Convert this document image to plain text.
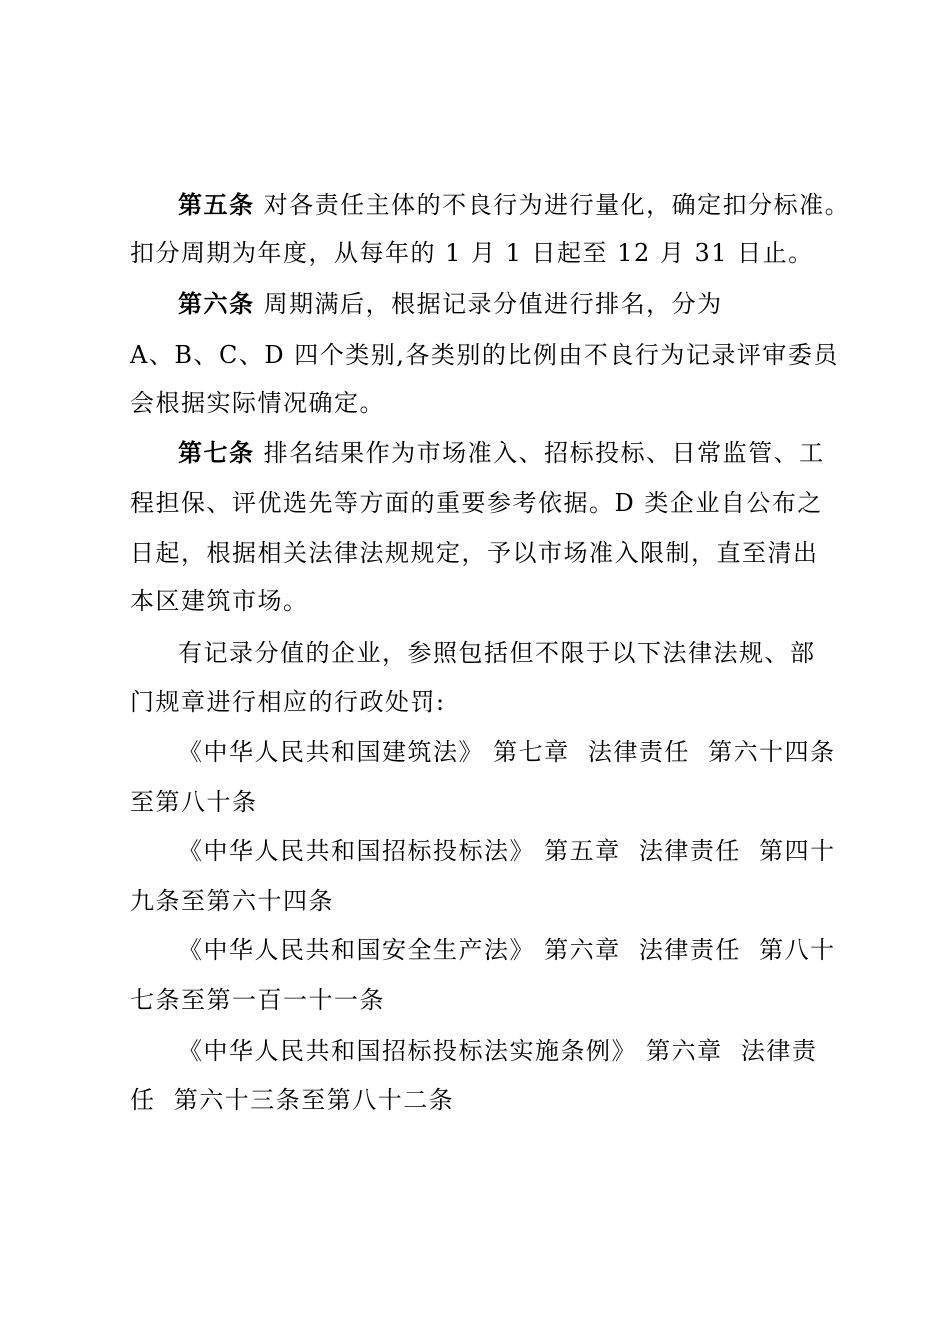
第五条 对各责任主体的不良行为进行量化，确定扣分标准。
扣分周期为年度，从每年的 1 月 1 日起至 12 月 31 日止。
第六条 周期满后，根据记录分值进行排名，分为
A、B、C、D 四个类别,各类别的比例由不良行为记录评审委员
会根据实际情况确定。
第七条 排名结果作为市场准入、招标投标、日常监管、工
程担保、评优选先等方面的重要参考依据。D 类企业自公布之
日起，根据相关法律法规规定，予以市场准入限制，直至清出
本区建筑市场。
有记录分值的企业，参照包括但不限于以下法律法规、部
门规章进行相应的行政处罚:
《中华人民共和国建筑法》 第七章  法律责任  第六十四条
至第八十条
《中华人民共和国招标投标法》 第五章  法律责任  第四十
九条至第六十四条
《中华人民共和国安全生产法》 第六章  法律责任  第八十
七条至第一百一十一条
《中华人民共和国招标投标法实施条例》 第六章  法律责
任  第六十三条至第八十二条
